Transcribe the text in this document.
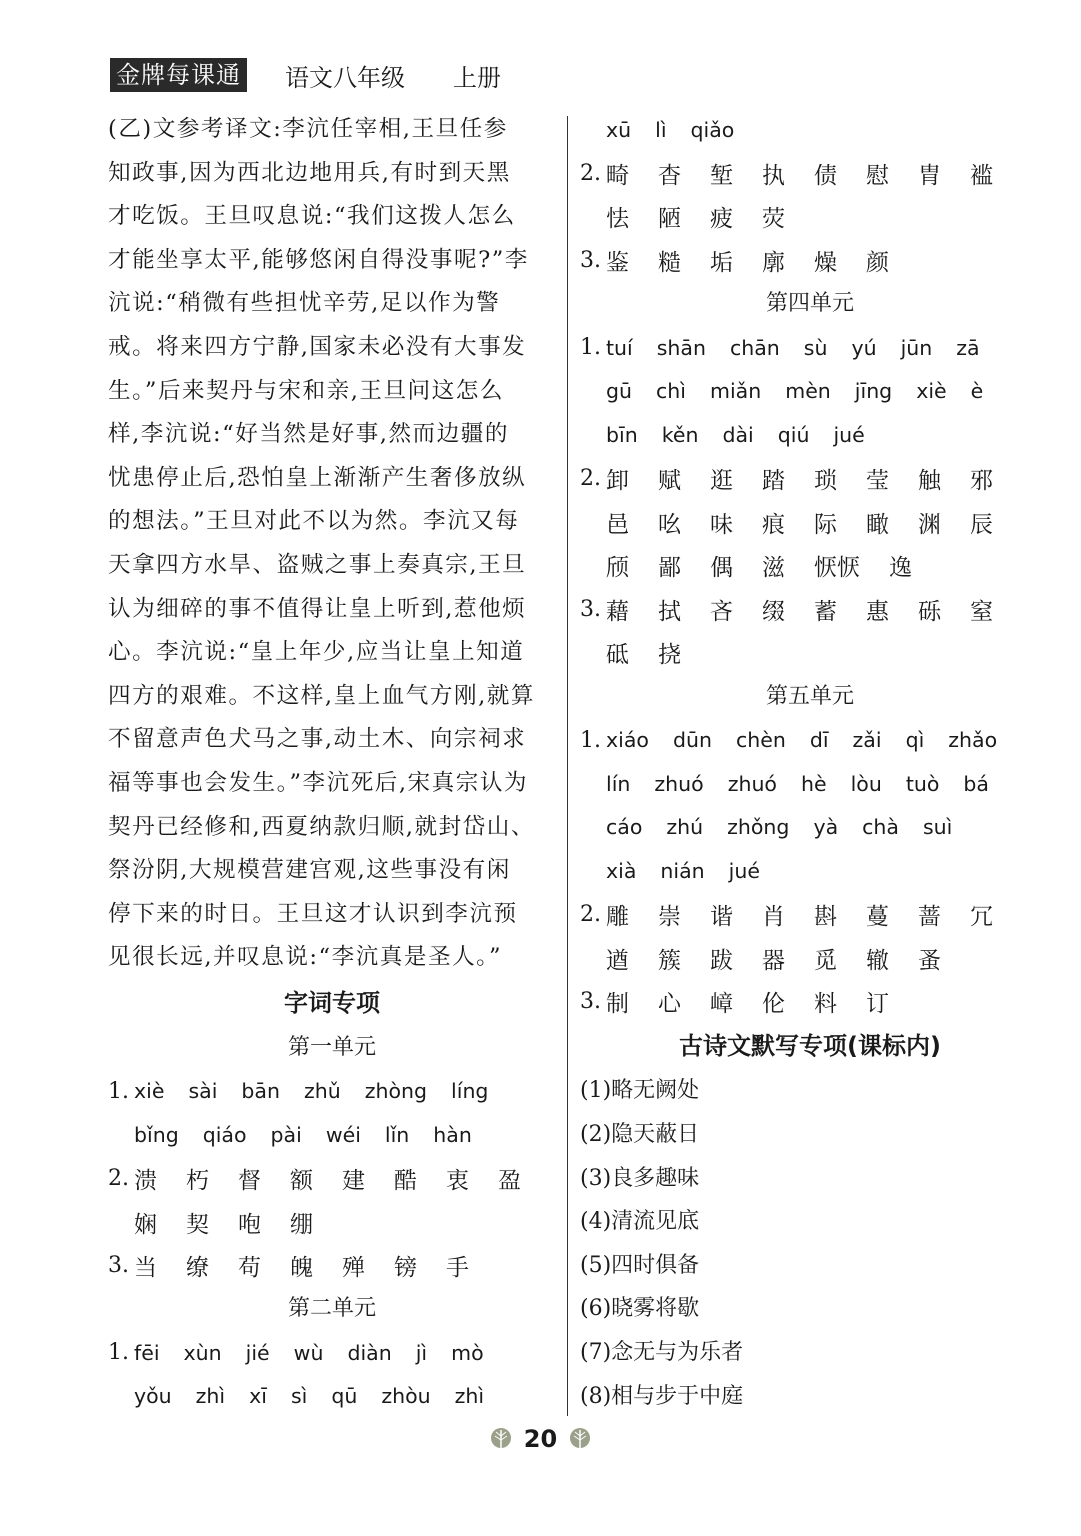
金牌每课通 语文八年级 上册

(乙)文参考译文:李沆任宰相,王旦任参

知政事,因为西北边地用兵,有时到天黑

才吃饭。王旦叹息说:“我们这拨人怎么

才能坐享太平,能够悠闲自得没事呢?”李

沆说:“稍微有些担忧辛劳,足以作为警

戒。将来四方宁静,国家未必没有大事发

生。”后来契丹与宋和亲,王旦问这怎么

样,李沆说:“好当然是好事,然而边疆的

忧患停止后,恐怕皇上渐渐产生奢侈放纵

的想法。”王旦对此不以为然。李沆又每

天拿四方水旱、盗贼之事上奏真宗,王旦

认为细碎的事不值得让皇上听到,惹他烦

心。李沆说:“皇上年少,应当让皇上知道

四方的艰难。不这样,皇上血气方刚,就算

不留意声色犬马之事,动土木、向宗祠求

福等事也会发生。”李沆死后,宋真宗认为

契丹已经修和,西夏纳款归顺,就封岱山、

祭汾阴,大规模营建宫观,这些事没有闲

停下来的时日。王旦这才认识到李沆预

见很长远,并叹息说:“李沆真是圣人。”

字词专项
第一单元
1. xiè sài bān zhǔ zhòng líng
bǐng qiáo pài wéi lǐn hàn
2. 溃 朽 督 额 建 酷 衷 盈
娴 契 咆 绷
3. 当 缭 苟 魄 殚 镑 手
第二单元
1. fēi xùn jié wù diàn jì mò
yǒu zhì xī sì qū zhòu zhì
xū lì qiǎo
2. 畸 杳 堑 执 债 慰 胄 褴
怯 陋 疲 荧
3. 鉴 糙 垢 廓 燥 颜
第四单元
1. tuí shān chān sù yú jūn zā
gū chì miǎn mèn jīng xiè è
bīn kěn dài qiú jué
2. 卸 赋 逛 踏 琐 莹 触 邪
邑 吆 味 痕 际 瞰 渊 辰
颀 鄙 偶 滋 恹恹 逸
3. 藉 拭 吝 缀 蓄 惠 砾 窒
砥 挠
第五单元
1. xiáo dūn chèn dī zǎi qì zhǎo
lín zhuó zhuó hè lòu tuò bá
cáo zhú zhǒng yà chà suì
xià nián jué
2. 雕 崇 谐 肖 斟 蔓 蔷 冗
遒 簇 跋 器 觅 辙 蚤
3. 制 心 嶂 伦 料 订
古诗文默写专项(课标内)
(1)略无阙处
(2)隐天蔽日
(3)良多趣味
(4)清流见底
(5)四时俱备
(6)晓雾将歇
(7)念无与为乐者
(8)相与步于中庭
20
